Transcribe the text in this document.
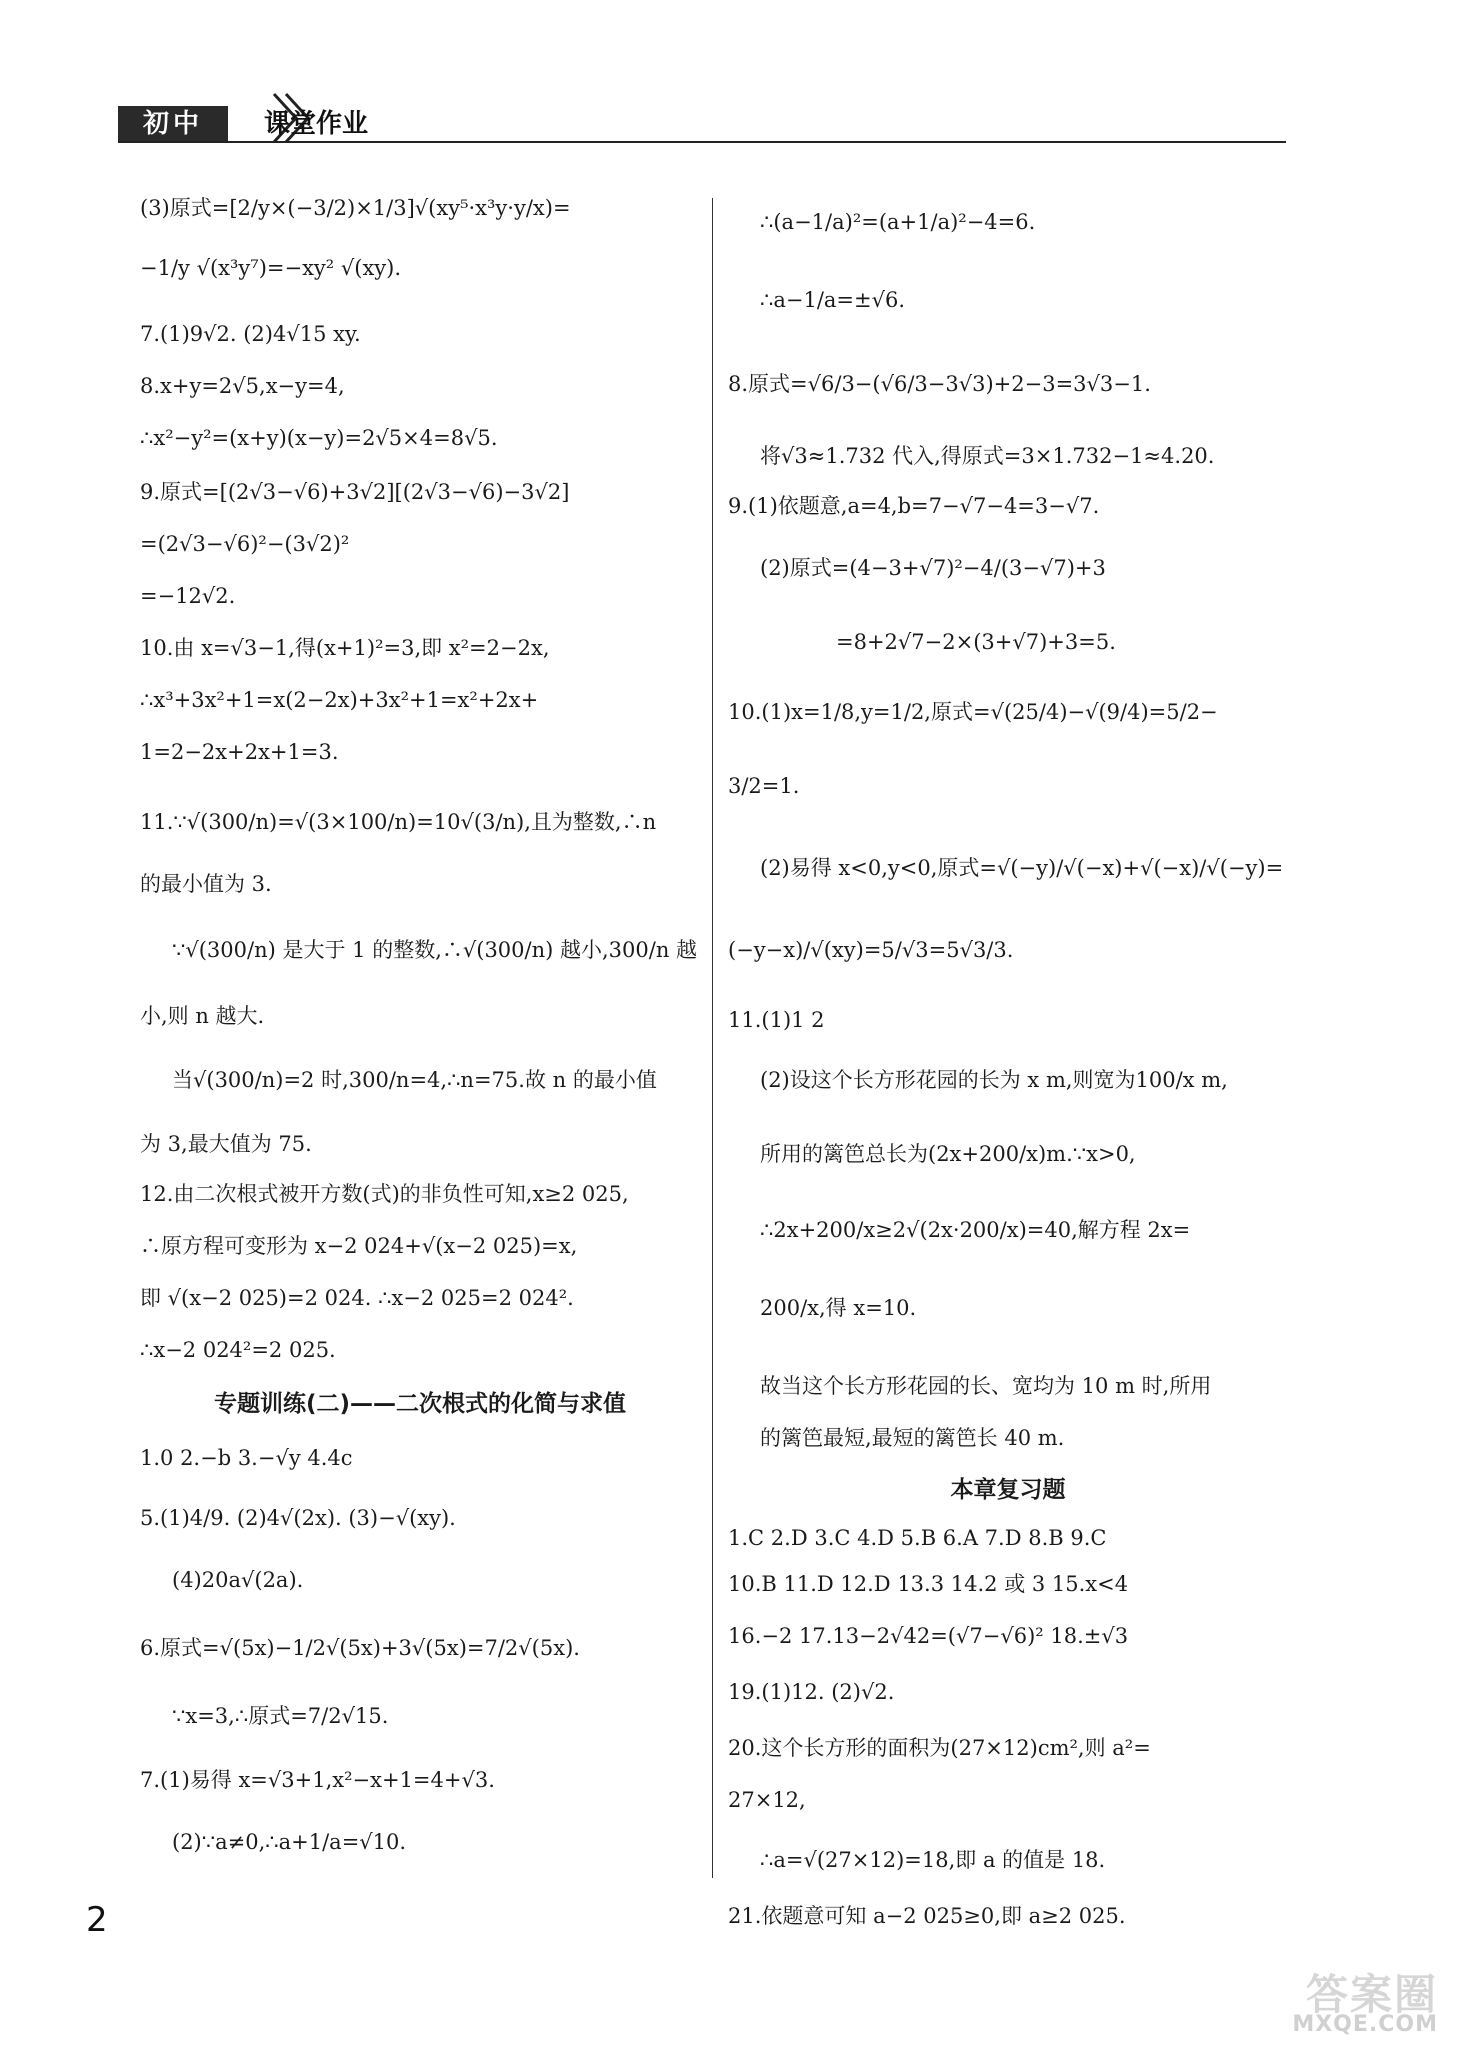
初中	课堂作业
(3)原式=[2/y×(−3/2)×1/3]√(xy⁵·x³y·y/x)=
−1/y √(x³y⁷)=−xy² √(xy).
7.(1)9√2. (2)4√15 xy.
8.x+y=2√5,x−y=4,
∴x²−y²=(x+y)(x−y)=2√5×4=8√5.
9.原式=[(2√3−√6)+3√2][(2√3−√6)−3√2]
=(2√3−√6)²−(3√2)²
=−12√2.
10.由 x=√3−1,得(x+1)²=3,即 x²=2−2x,
∴x³+3x²+1=x(2−2x)+3x²+1=x²+2x+
1=2−2x+2x+1=3.
11.∵√(300/n)=√(3×100/n)=10√(3/n),且为整数,∴n
的最小值为 3.
∵√(300/n) 是大于 1 的整数,∴√(300/n) 越小,300/n 越
小,则 n 越大.
当√(300/n)=2 时,300/n=4,∴n=75.故 n 的最小值
为 3,最大值为 75.
12.由二次根式被开方数(式)的非负性可知,x≥2 025,
∴原方程可变形为 x−2 024+√(x−2 025)=x,
即 √(x−2 025)=2 024. ∴x−2 025=2 024².
∴x−2 024²=2 025.
专题训练(二)——二次根式的化简与求值
1.0 2.−b 3.−√y 4.4c
5.(1)4/9. (2)4√(2x). (3)−√(xy).
(4)20a√(2a).
6.原式=√(5x)−1/2√(5x)+3√(5x)=7/2√(5x).
∵x=3,∴原式=7/2√15.
7.(1)易得 x=√3+1,x²−x+1=4+√3.
(2)∵a≠0,∴a+1/a=√10.
∴(a−1/a)²=(a+1/a)²−4=6.
∴a−1/a=±√6.
8.原式=√6/3−(√6/3−3√3)+2−3=3√3−1.
将√3≈1.732 代入,得原式=3×1.732−1≈4.20.
9.(1)依题意,a=4,b=7−√7−4=3−√7.
(2)原式=(4−3+√7)²−4/(3−√7)+3
=8+2√7−2×(3+√7)+3=5.
10.(1)x=1/8,y=1/2,原式=√(25/4)−√(9/4)=5/2−
3/2=1.
(2)易得 x<0,y<0,原式=√(−y)/√(−x)+√(−x)/√(−y)=
(−y−x)/√(xy)=5/√3=5√3/3.
11.(1)1 2
(2)设这个长方形花园的长为 x m,则宽为100/x m,
所用的篱笆总长为(2x+200/x)m.∵x>0,
∴2x+200/x≥2√(2x·200/x)=40,解方程 2x=
200/x,得 x=10.
故当这个长方形花园的长、宽均为 10 m 时,所用
的篱笆最短,最短的篱笆长 40 m.
本章复习题
1.C 2.D 3.C 4.D 5.B 6.A 7.D 8.B 9.C
10.B 11.D 12.D 13.3 14.2 或 3 15.x<4
16.−2 17.13−2√42=(√7−√6)² 18.±√3
19.(1)12. (2)√2.
20.这个长方形的面积为(27×12)cm²,则 a²=
27×12,
∴a=√(27×12)=18,即 a 的值是 18.
21.依题意可知 a−2 025≥0,即 a≥2 025.
2
答案圈
MXQE.COM
